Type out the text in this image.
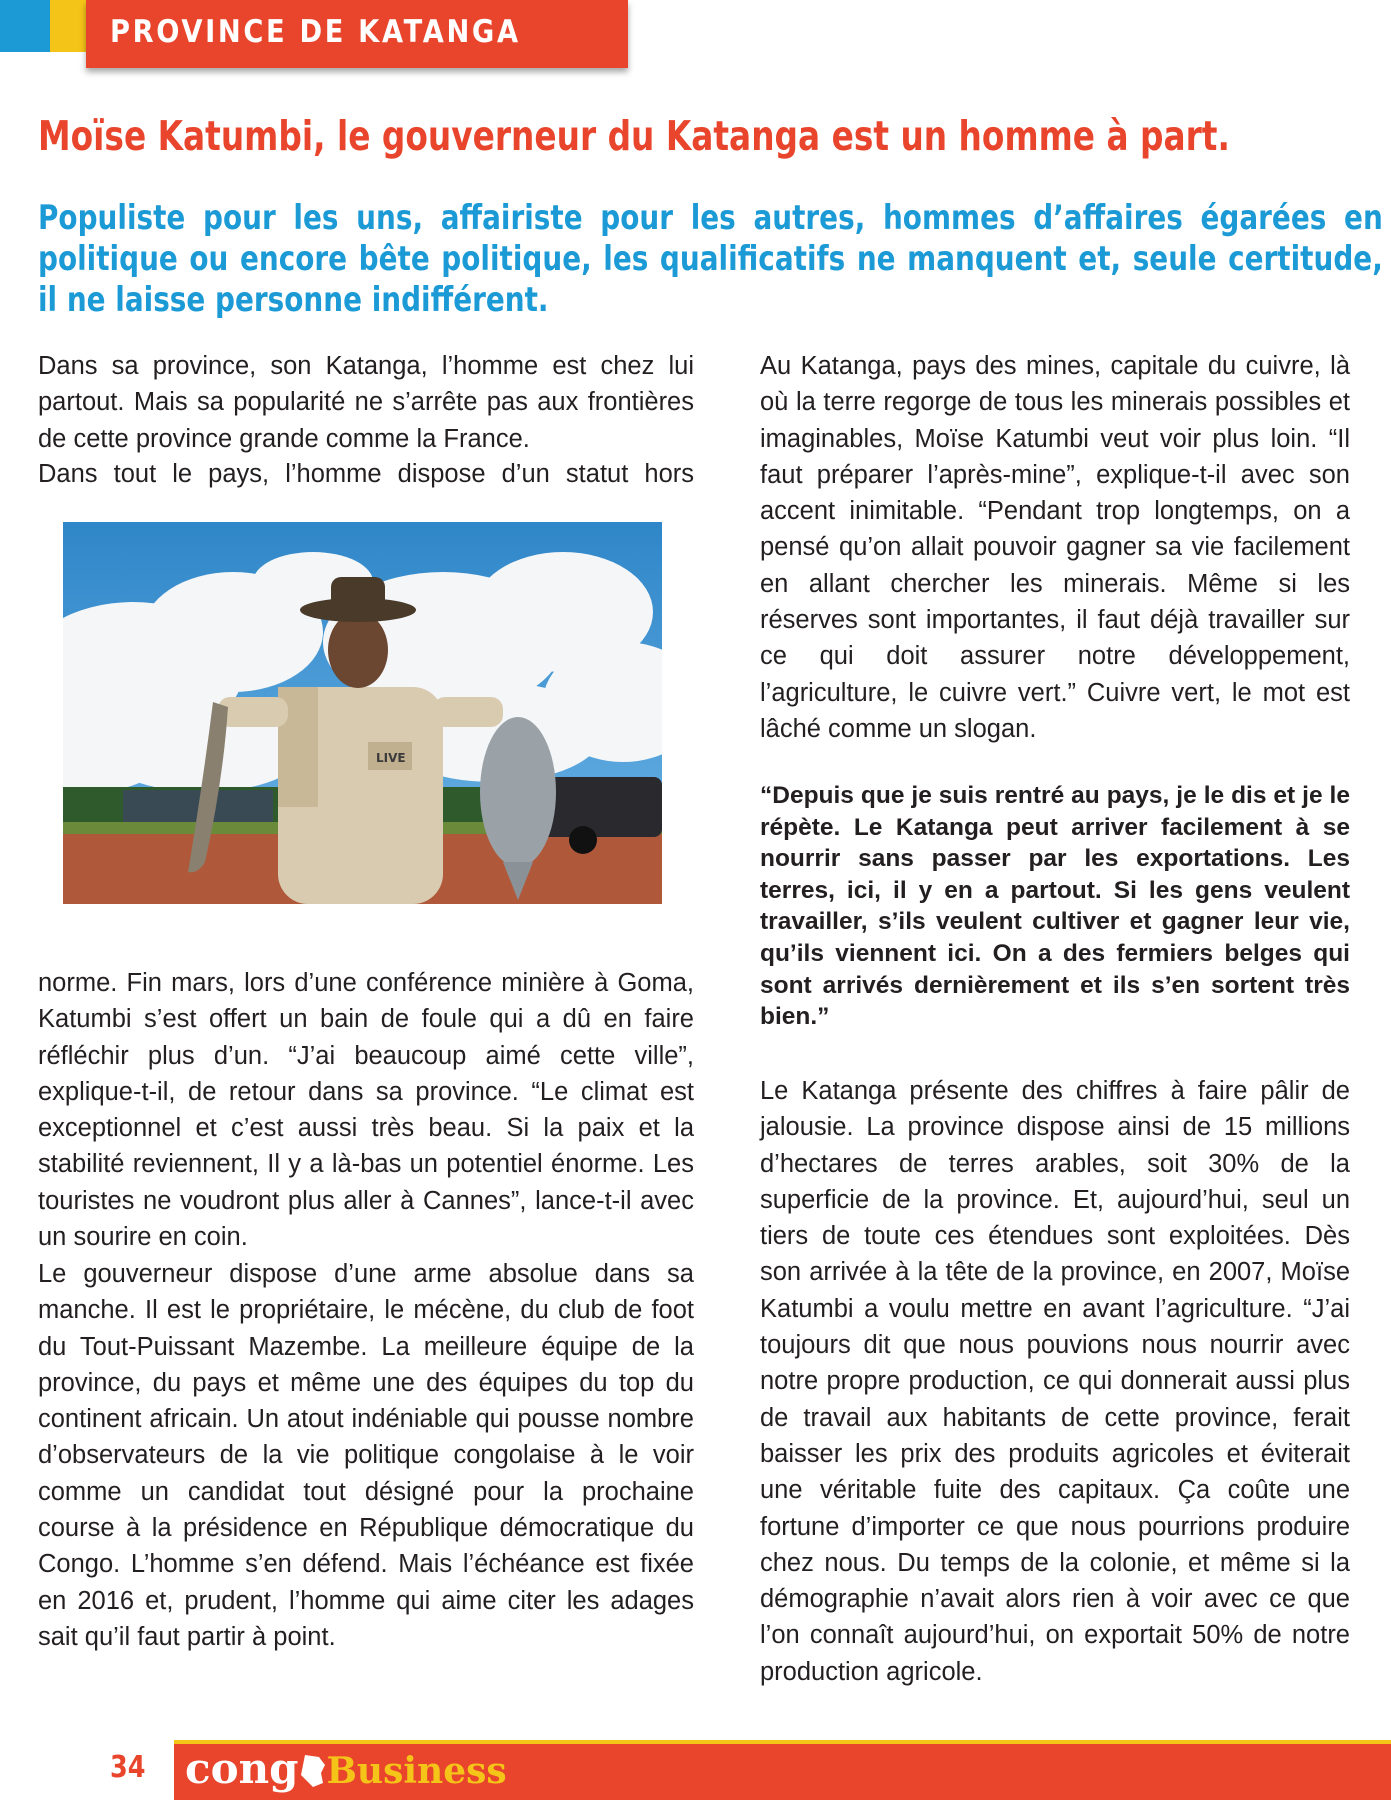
PROVINCE DE KATANGA
Moïse Katumbi, le gouverneur du Katanga est un homme à part.

Populiste pour les uns, affairiste pour les autres, hommes d’affaires égarées en politique ou encore bête politique, les qualificatifs ne manquent et, seule certitude, il ne laisse personne indifférent.

Dans sa province, son Katanga, l’homme est chez lui partout. Mais sa popularité ne s’arrête pas aux frontières de cette province grande comme la France.

Dans tout le pays, l’homme dispose d’un statut hors

LIVE

norme. Fin mars, lors d’une conférence minière à Goma, Katumbi s’est offert un bain de foule qui a dû en faire réfléchir plus d’un. “J’ai beaucoup aimé cette ville”, explique-t-il, de retour dans sa province. “Le climat est exceptionnel et c’est aussi très beau. Si la paix et la stabilité reviennent, Il y a là-bas un potentiel énorme. Les touristes ne voudront plus aller à Cannes”, lance-t-il avec un sourire en coin.

Le gouverneur dispose d’une arme absolue dans sa manche. Il est le propriétaire, le mécène, du club de foot du Tout-Puissant Mazembe. La meilleure équipe de la province, du pays et même une des équipes du top du continent africain. Un atout indéniable qui pousse nombre d’observateurs de la vie politique congolaise à le voir comme un candidat tout désigné pour la prochaine course à la présidence en République démocratique du Congo. L’homme s’en défend. Mais l’échéance est fixée en 2016 et, prudent, l’homme qui aime citer les adages sait qu’il faut partir à point.

Au Katanga, pays des mines, capitale du cuivre, là où la terre regorge de tous les minerais possibles et imaginables, Moïse Katumbi veut voir plus loin. “Il faut préparer l’après-mine”, explique-t-il avec son accent inimitable. “Pendant trop longtemps, on a pensé qu’on allait pouvoir gagner sa vie facilement en allant chercher les minerais. Même si les réserves sont importantes, il faut déjà travailler sur ce qui doit assurer notre développement, l’agriculture, le cuivre vert.” Cuivre vert, le mot est lâché comme un slogan.

“Depuis que je suis rentré au pays, je le dis et je le répète. Le Katanga peut arriver facilement à se nourrir sans passer par les exportations. Les terres, ici, il y en a partout. Si les gens veulent travailler, s’ils veulent cultiver et gagner leur vie, qu’ils viennent ici. On a des fermiers belges qui sont arrivés dernièrement et ils s’en sortent très bien.”

Le Katanga présente des chiffres à faire pâlir de jalousie. La province dispose ainsi de 15 millions d’hectares de terres arables, soit 30% de la superficie de la province. Et, aujourd’hui, seul un tiers de toute ces étendues sont exploitées. Dès son arrivée à la tête de la province, en 2007, Moïse Katumbi a voulu mettre en avant l’agriculture. “J’ai toujours dit que nous pouvions nous nourrir avec notre propre production, ce qui donnerait aussi plus de travail aux habitants de cette province, ferait baisser les prix des produits agricoles et éviterait une véritable fuite des capitaux. Ça coûte une fortune d’importer ce que nous pourrions produire chez nous. Du temps de la colonie, et même si la démographie n’avait alors rien à voir avec ce que l’on connaît aujourd’hui, on exportait 50% de notre production agricole.

34 cong Business
